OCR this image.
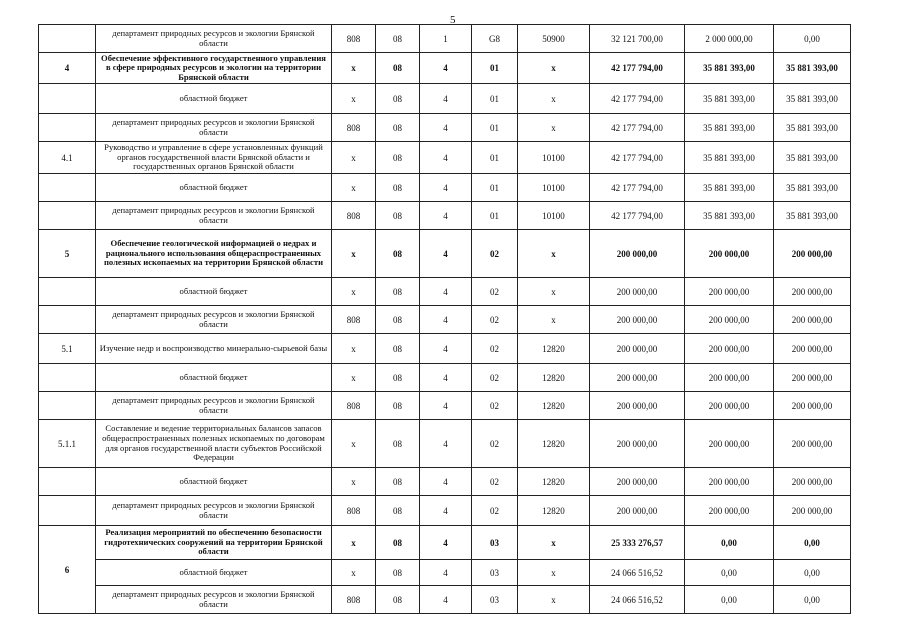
5
	департамент природных ресурсов и экологии Брянской области	808	08	1	G8	50900	32 121 700,00	2 000 000,00	0,00
4	Обеспечение эффективного государственного управления в сфере природных ресурсов и экологии на территории Брянской области	x	08	4	01	x	42 177 794,00	35 881 393,00	35 881 393,00
	областной бюджет	x	08	4	01	x	42 177 794,00	35 881 393,00	35 881 393,00
	департамент природных ресурсов и экологии Брянской области	808	08	4	01	x	42 177 794,00	35 881 393,00	35 881 393,00
4.1	Руководство и управление в сфере установленных функций органов государственной власти Брянской области и государственных органов Брянской области	x	08	4	01	10100	42 177 794,00	35 881 393,00	35 881 393,00
	областной бюджет	x	08	4	01	10100	42 177 794,00	35 881 393,00	35 881 393,00
	департамент природных ресурсов и экологии Брянской области	808	08	4	01	10100	42 177 794,00	35 881 393,00	35 881 393,00
5	Обеспечение геологической информацией о недрах и рационального использования общераспространенных полезных ископаемых на территории Брянской области	x	08	4	02	x	200 000,00	200 000,00	200 000,00
	областной бюджет	x	08	4	02	x	200 000,00	200 000,00	200 000,00
	департамент природных ресурсов и экологии Брянской области	808	08	4	02	x	200 000,00	200 000,00	200 000,00
5.1	Изучение недр и воспроизводство минерально-сырьевой базы	x	08	4	02	12820	200 000,00	200 000,00	200 000,00
	областной бюджет	x	08	4	02	12820	200 000,00	200 000,00	200 000,00
	департамент природных ресурсов и экологии Брянской области	808	08	4	02	12820	200 000,00	200 000,00	200 000,00
5.1.1	Составление и ведение территориальных балансов запасов общераспространенных полезных ископаемых по договорам для органов государственной власти субъектов Российской Федерации	x	08	4	02	12820	200 000,00	200 000,00	200 000,00
	областной бюджет	x	08	4	02	12820	200 000,00	200 000,00	200 000,00
	департамент природных ресурсов и экологии Брянской области	808	08	4	02	12820	200 000,00	200 000,00	200 000,00
6	Реализация мероприятий по обеспечению безопасности гидротехнических сооружений на территории Брянской области	x	08	4	03	x	25 333 276,57	0,00	0,00
	областной бюджет	x	08	4	03	x	24 066 516,52	0,00	0,00
	департамент природных ресурсов и экологии Брянской области	808	08	4	03	x	24 066 516,52	0,00	0,00
